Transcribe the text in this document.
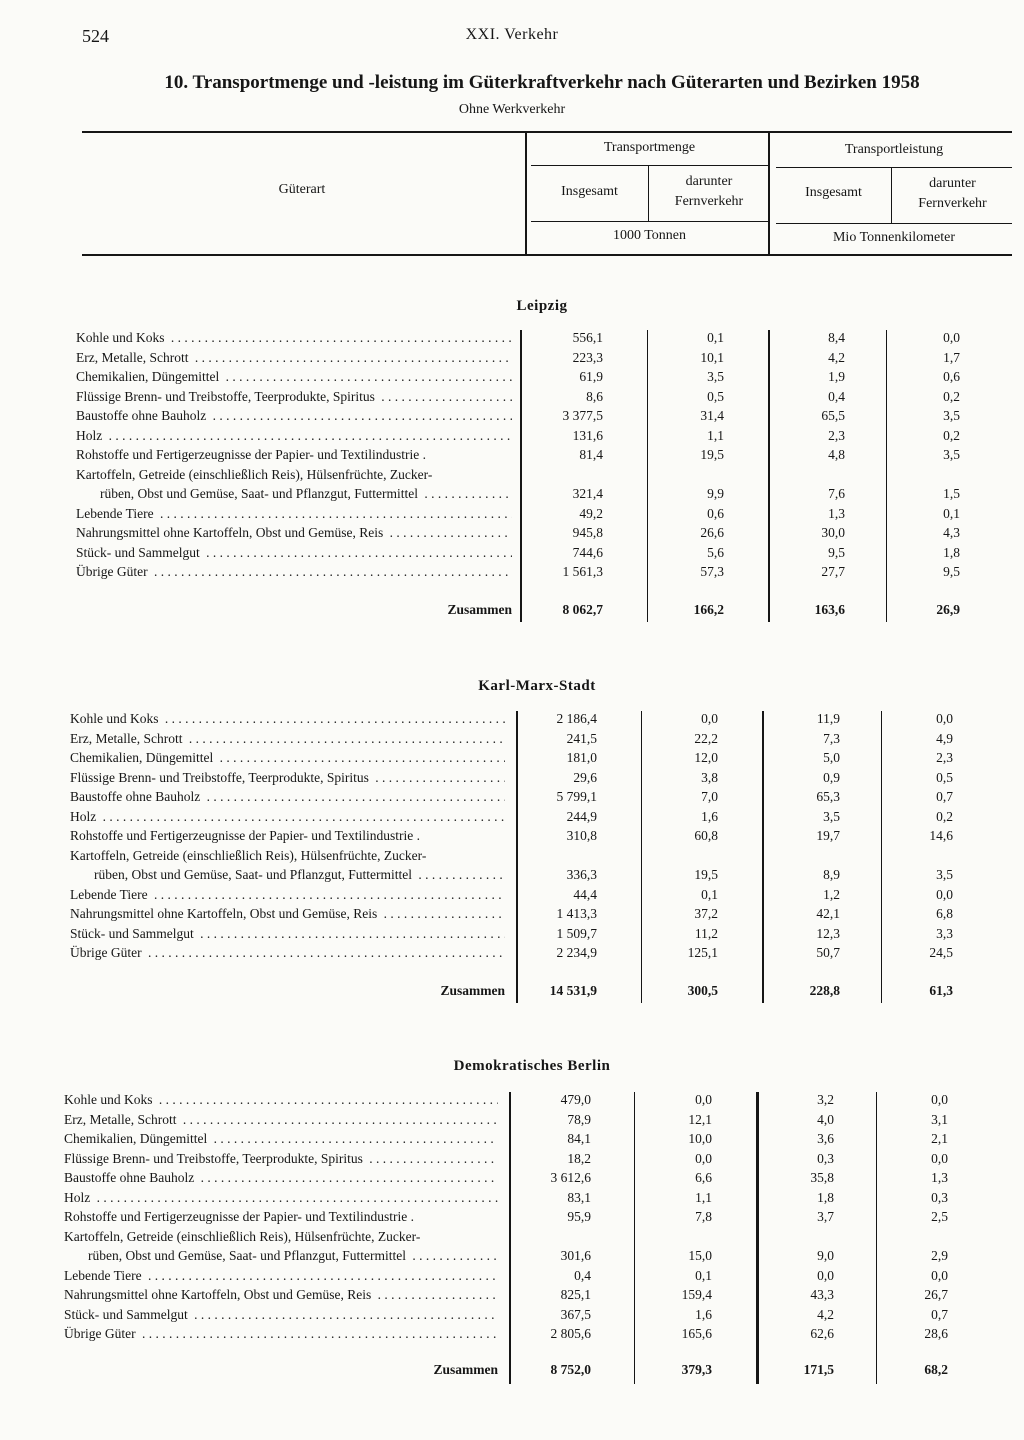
524	XXI. Verkehr
10. Transportmenge und -leistung im Güterkraftverkehr nach Güterarten und Bezirken 1958
Ohne Werkverkehr
Güterart
Transportmenge	Transportleistung
Insgesamt
darunter
Fernverkehr
Insgesamt
darunter
Fernverkehr
1000 Tonnen	Mio Tonnenkilometer
Leipzig
Kohle und Koks . . .	556,1	0,1	8,4	0,0
Erz, Metalle, Schrott . . .	223,3	10,1	4,2	1,7
Chemikalien, Düngemittel . . .	61,9	3,5	1,9	0,6
Flüssige Brenn- und Treibstoffe, Teerprodukte, Spiritus . . .	8,6	0,5	0,4	0,2
Baustoffe ohne Bauholz . . .	3 377,5	31,4	65,5	3,5
Holz . . .	131,6	1,1	2,3	0,2
Rohstoffe und Fertigerzeugnisse der Papier- und Textilindustrie .	81,4	19,5	4,8	3,5
Kartoffeln, Getreide (einschließlich Reis), Hülsenfrüchte, Zucker-
rüben, Obst und Gemüse, Saat- und Pflanzgut, Futtermittel . . .	321,4	9,9	7,6	1,5
Lebende Tiere . . .	49,2	0,6	1,3	0,1
Nahrungsmittel ohne Kartoffeln, Obst und Gemüse, Reis . . .	945,8	26,6	30,0	4,3
Stück- und Sammelgut . . .	744,6	5,6	9,5	1,8
Übrige Güter . . .	1 561,3	57,3	27,7	9,5
Zusammen	8 062,7	166,2	163,6	26,9
Karl-Marx-Stadt
Kohle und Koks . . .	2 186,4	0,0	11,9	0,0
Erz, Metalle, Schrott . . .	241,5	22,2	7,3	4,9
Chemikalien, Düngemittel . . .	181,0	12,0	5,0	2,3
Flüssige Brenn- und Treibstoffe, Teerprodukte, Spiritus . . .	29,6	3,8	0,9	0,5
Baustoffe ohne Bauholz . . .	5 799,1	7,0	65,3	0,7
Holz . . .	244,9	1,6	3,5	0,2
Rohstoffe und Fertigerzeugnisse der Papier- und Textilindustrie .	310,8	60,8	19,7	14,6
Kartoffeln, Getreide (einschließlich Reis), Hülsenfrüchte, Zucker-
rüben, Obst und Gemüse, Saat- und Pflanzgut, Futtermittel . . .	336,3	19,5	8,9	3,5
Lebende Tiere . . .	44,4	0,1	1,2	0,0
Nahrungsmittel ohne Kartoffeln, Obst und Gemüse, Reis . . .	1 413,3	37,2	42,1	6,8
Stück- und Sammelgut . . .	1 509,7	11,2	12,3	3,3
Übrige Güter . . .	2 234,9	125,1	50,7	24,5
Zusammen	14 531,9	300,5	228,8	61,3
Demokratisches Berlin
Kohle und Koks . . .	479,0	0,0	3,2	0,0
Erz, Metalle, Schrott . . .	78,9	12,1	4,0	3,1
Chemikalien, Düngemittel . . .	84,1	10,0	3,6	2,1
Flüssige Brenn- und Treibstoffe, Teerprodukte, Spiritus . . .	18,2	0,0	0,3	0,0
Baustoffe ohne Bauholz . . .	3 612,6	6,6	35,8	1,3
Holz . . .	83,1	1,1	1,8	0,3
Rohstoffe und Fertigerzeugnisse der Papier- und Textilindustrie .	95,9	7,8	3,7	2,5
Kartoffeln, Getreide (einschließlich Reis), Hülsenfrüchte, Zucker-
rüben, Obst und Gemüse, Saat- und Pflanzgut, Futtermittel . . .	301,6	15,0	9,0	2,9
Lebende Tiere . . .	0,4	0,1	0,0	0,0
Nahrungsmittel ohne Kartoffeln, Obst und Gemüse, Reis . . .	825,1	159,4	43,3	26,7
Stück- und Sammelgut . . .	367,5	1,6	4,2	0,7
Übrige Güter . . .	2 805,6	165,6	62,6	28,6
Zusammen	8 752,0	379,3	171,5	68,2
